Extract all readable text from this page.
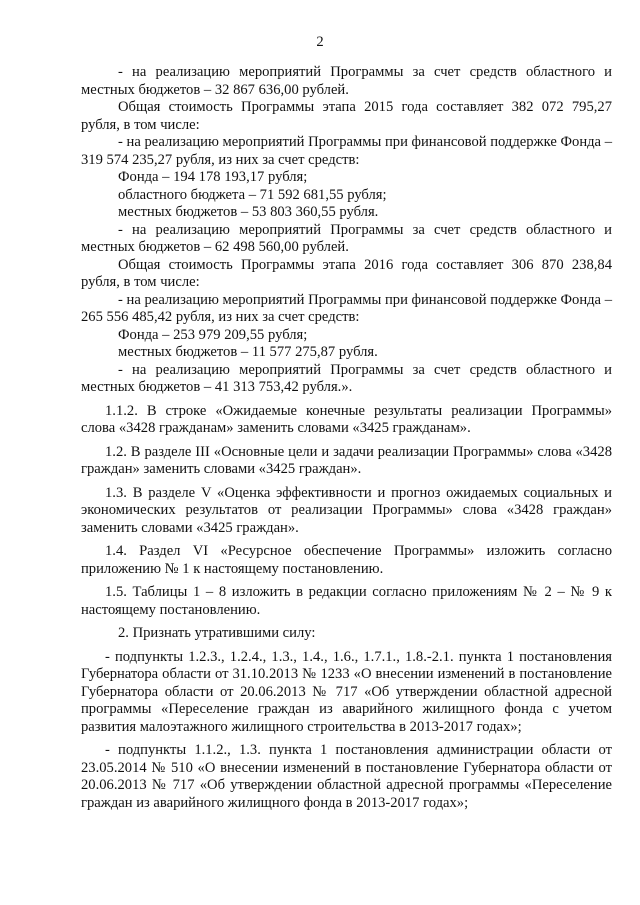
2

- на реализацию мероприятий Программы за счет средств областного и местных бюджетов – 32 867 636,00 рублей.

Общая стоимость Программы этапа 2015 года составляет 382 072 795,27 рубля, в том числе:

- на реализацию мероприятий Программы при финансовой поддержке Фонда – 319 574 235,27 рубля, из них за счет средств:

Фонда – 194 178 193,17 рубля;

областного бюджета – 71 592 681,55 рубля;

местных бюджетов – 53 803 360,55 рубля.

- на реализацию мероприятий Программы за счет средств областного и местных бюджетов – 62 498 560,00 рублей.

Общая стоимость Программы этапа 2016 года составляет 306 870 238,84 рубля, в том числе:

- на реализацию мероприятий Программы при финансовой поддержке Фонда – 265 556 485,42 рубля, из них за счет средств:

Фонда – 253 979 209,55 рубля;

местных бюджетов – 11 577 275,87 рубля.

- на реализацию мероприятий Программы за счет средств областного и местных бюджетов – 41 313 753,42 рубля.».

1.1.2. В строке «Ожидаемые конечные результаты реализации Программы» слова «3428 гражданам» заменить словами «3425 гражданам».

1.2. В разделе III «Основные цели и задачи реализации Программы» слова «3428 граждан» заменить словами «3425 граждан».

1.3. В разделе V «Оценка эффективности и прогноз ожидаемых социальных и экономических результатов от реализации Программы» слова «3428 граждан» заменить словами «3425 граждан».

1.4. Раздел VI «Ресурсное обеспечение Программы» изложить согласно приложению № 1 к настоящему постановлению.

1.5. Таблицы 1 – 8 изложить в редакции согласно приложениям № 2 – № 9 к настоящему постановлению.

2. Признать утратившими силу:

- подпункты 1.2.3., 1.2.4., 1.3., 1.4., 1.6., 1.7.1., 1.8.-2.1. пункта 1 постановления Губернатора области от 31.10.2013 № 1233 «О внесении изменений в постановление Губернатора области от 20.06.2013 № 717 «Об утверждении областной адресной программы «Переселение граждан из аварийного жилищного фонда с учетом развития малоэтажного жилищного строительства в 2013-2017 годах»;

- подпункты 1.1.2., 1.3. пункта 1 постановления администрации области от 23.05.2014 № 510 «О внесении изменений в постановление Губернатора области от 20.06.2013 № 717 «Об утверждении областной адресной программы «Переселение граждан из аварийного жилищного фонда в 2013-2017 годах»;
